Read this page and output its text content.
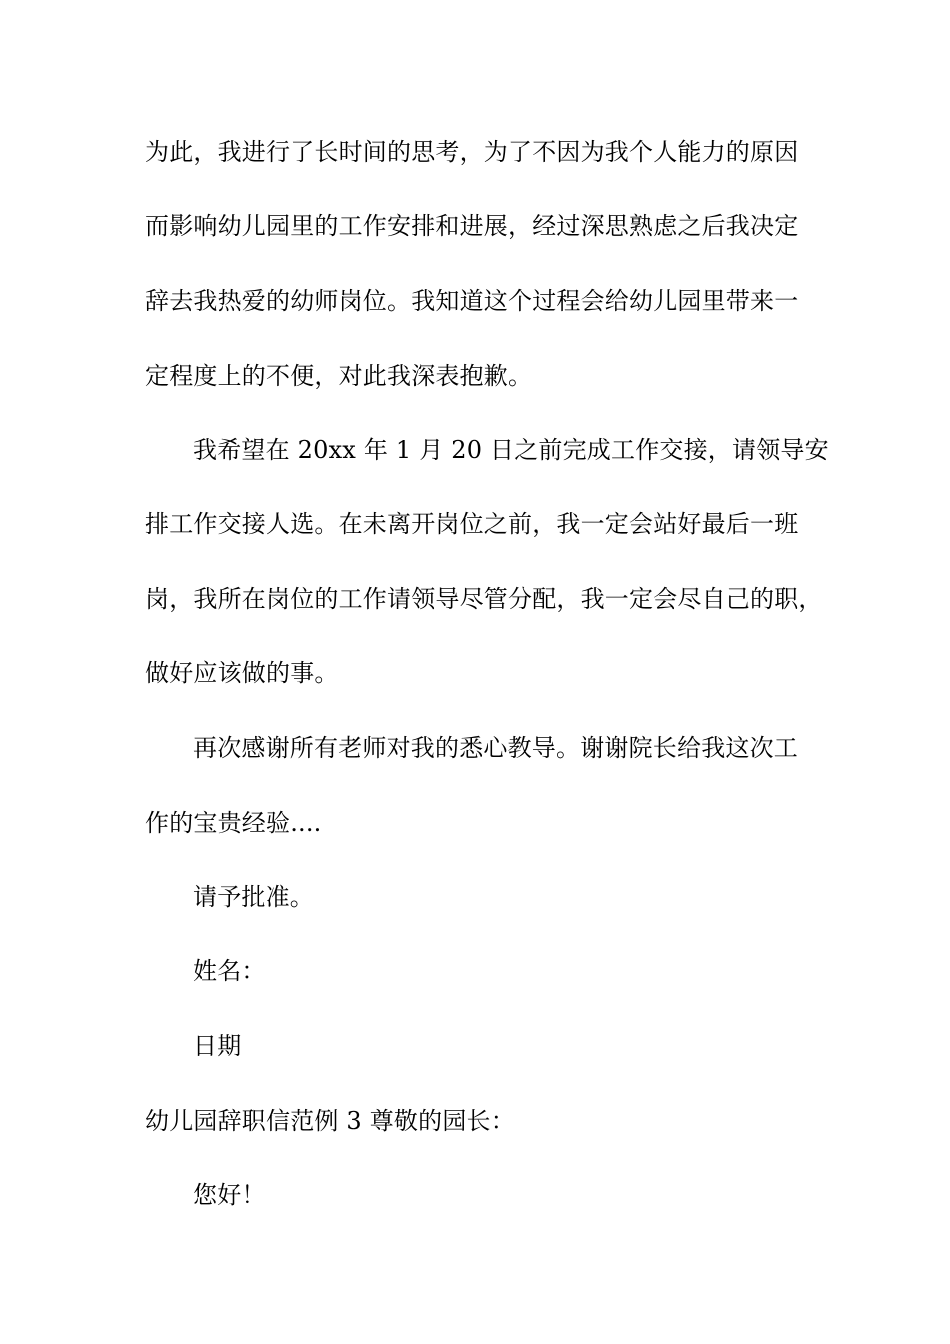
为此，我进行了长时间的思考，为了不因为我个人能力的原因
而影响幼儿园里的工作安排和进展，经过深思熟虑之后我决定
辞去我热爱的幼师岗位。我知道这个过程会给幼儿园里带来一
定程度上的不便，对此我深表抱歉。
我希望在 20xx 年 1 月 20 日之前完成工作交接，请领导安
排工作交接人选。在未离开岗位之前，我一定会站好最后一班
岗，我所在岗位的工作请领导尽管分配，我一定会尽自己的职，
做好应该做的事。
再次感谢所有老师对我的悉心教导。谢谢院长给我这次工
作的宝贵经验....
请予批准。
姓名：
日期
幼儿园辞职信范例 3 尊敬的园长：
您好！
